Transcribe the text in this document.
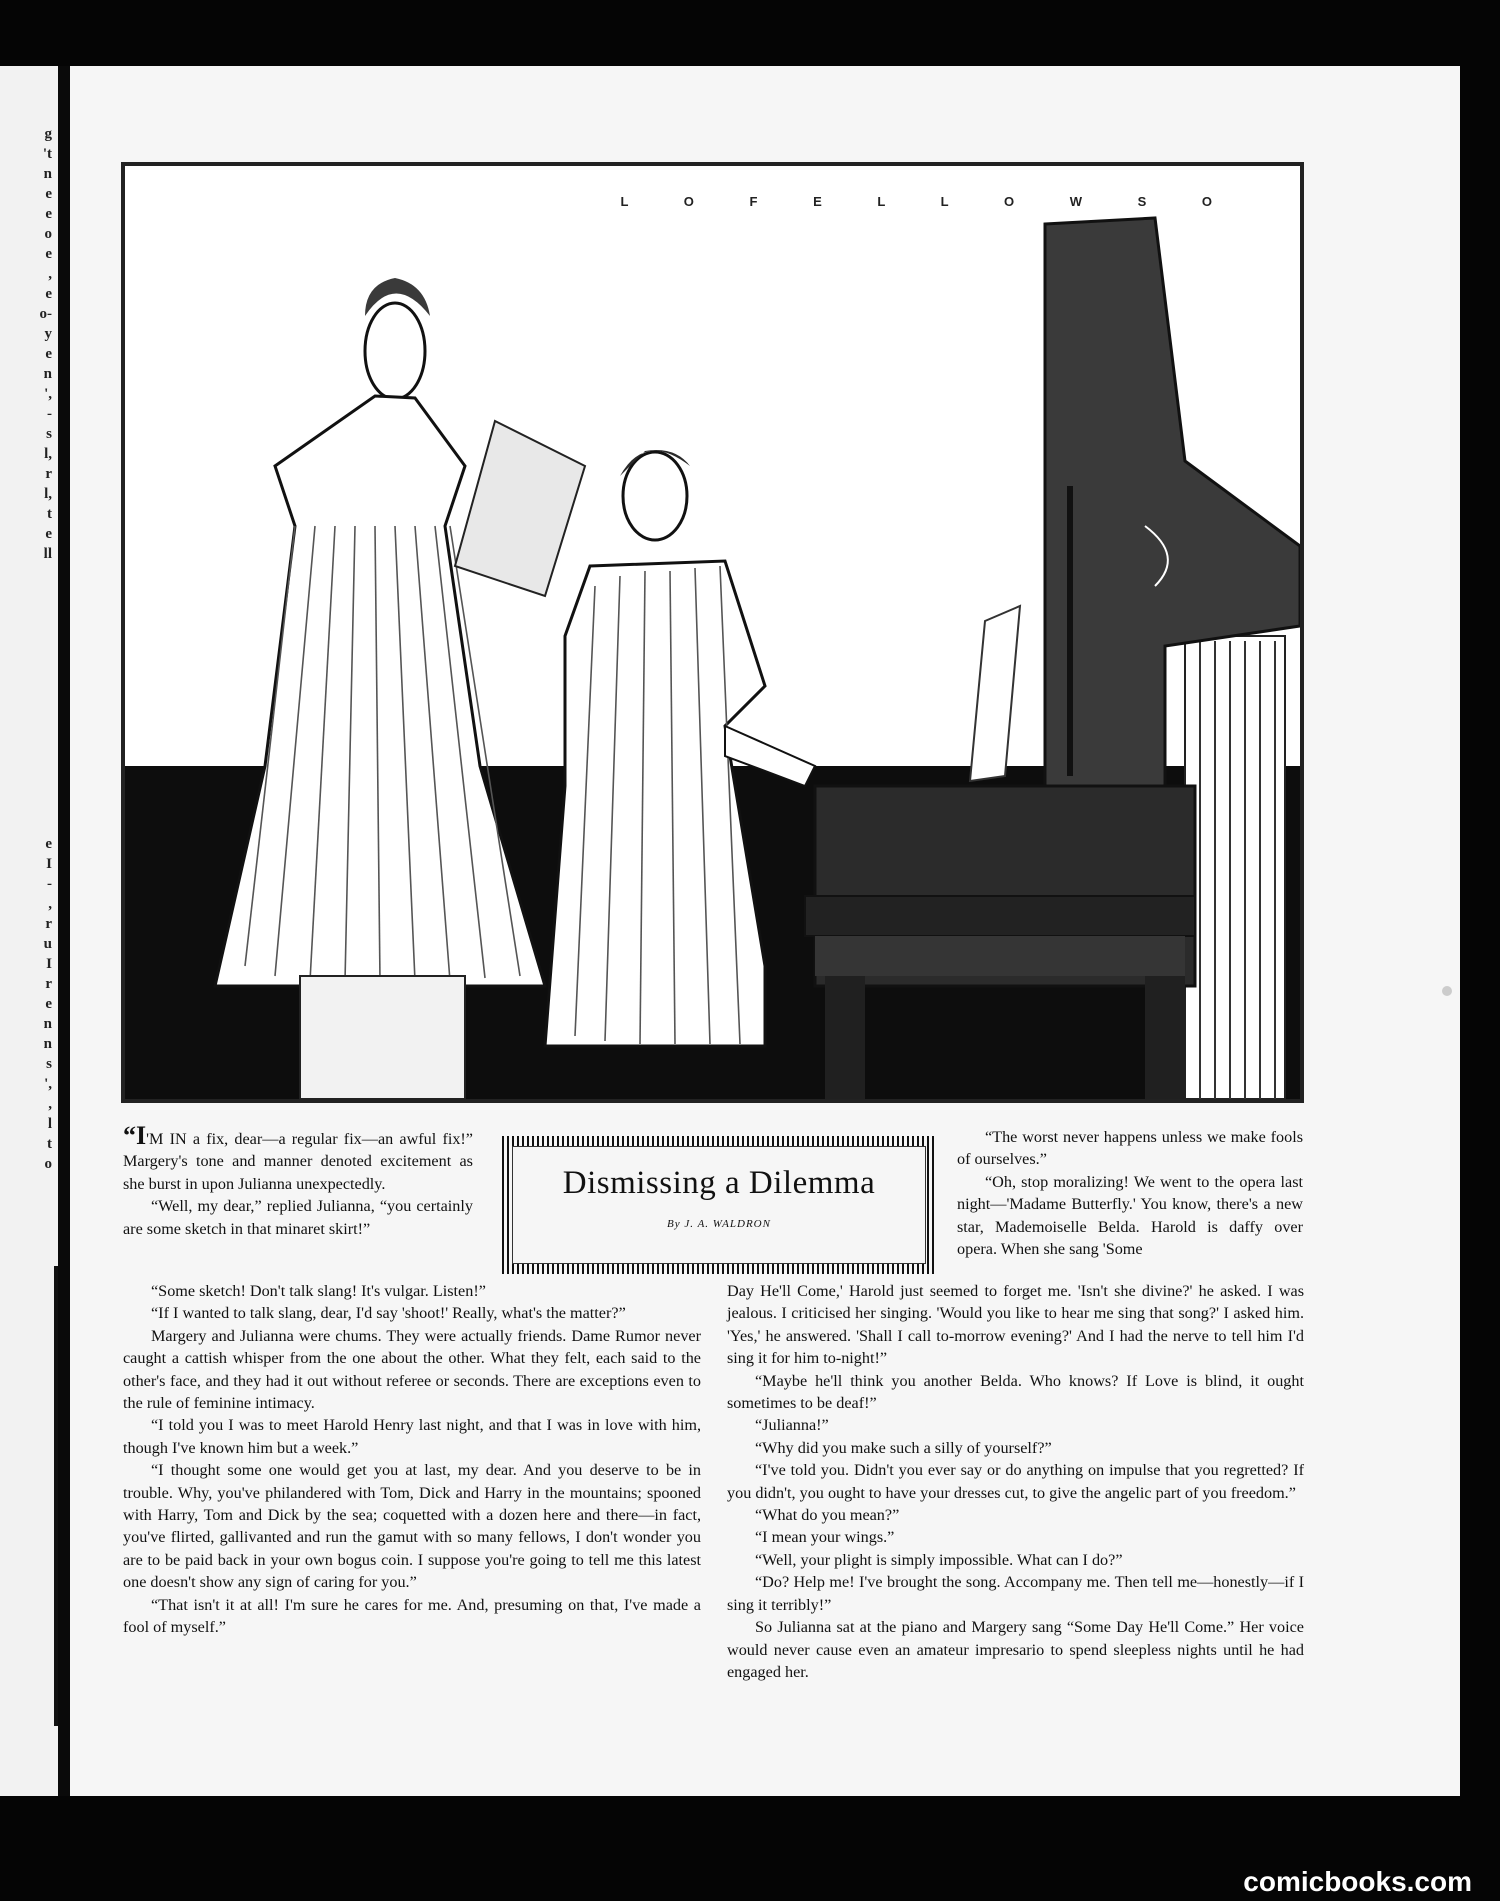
g
't
n
e
e
o
e
,
e
o-
y
e
n
',
-
s
l,
r
l,
t
e
ll
e
I
-
,
r
u
I
r
e
n
n
s
',
,
l
t
o
L O F E L L O W S O

“I'M IN a fix, dear—a regular fix—an awful fix!” Margery's tone and manner denoted excitement as she burst in upon Julianna unexpectedly.

“Well, my dear,” replied Julianna, “you certainly are some sketch in that minaret skirt!”

Dismissing a Dilemma
By J. A. WALDRON

“The worst never happens unless we make fools of ourselves.”

“Oh, stop moralizing! We went to the opera last night—'Madame Butterfly.' You know, there's a new star, Mademoiselle Belda. Harold is daffy over opera. When she sang 'Some

“Some sketch! Don't talk slang! It's vulgar. Listen!”

“If I wanted to talk slang, dear, I'd say 'shoot!' Really, what's the matter?”

Margery and Julianna were chums. They were actually friends. Dame Rumor never caught a cattish whisper from the one about the other. What they felt, each said to the other's face, and they had it out without referee or seconds. There are exceptions even to the rule of feminine intimacy.

“I told you I was to meet Harold Henry last night, and that I was in love with him, though I've known him but a week.”

“I thought some one would get you at last, my dear. And you deserve to be in trouble. Why, you've philandered with Tom, Dick and Harry in the mountains; spooned with Harry, Tom and Dick by the sea; coquetted with a dozen here and there—in fact, you've flirted, gallivanted and run the gamut with so many fellows, I don't wonder you are to be paid back in your own bogus coin. I suppose you're going to tell me this latest one doesn't show any sign of caring for you.”

“That isn't it at all! I'm sure he cares for me. And, presuming on that, I've made a fool of myself.”

Day He'll Come,' Harold just seemed to forget me. 'Isn't she divine?' he asked. I was jealous. I criticised her singing. 'Would you like to hear me sing that song?' I asked him. 'Yes,' he answered. 'Shall I call to-morrow evening?' And I had the nerve to tell him I'd sing it for him to-night!”

“Maybe he'll think you another Belda. Who knows? If Love is blind, it ought sometimes to be deaf!”

“Julianna!”

“Why did you make such a silly of yourself?”

“I've told you. Didn't you ever say or do anything on impulse that you regretted? If you didn't, you ought to have your dresses cut, to give the angelic part of you freedom.”

“What do you mean?”

“I mean your wings.”

“Well, your plight is simply impossible. What can I do?”

“Do? Help me! I've brought the song. Accompany me. Then tell me—honestly—if I sing it terribly!”

So Julianna sat at the piano and Margery sang “Some Day He'll Come.” Her voice would never cause even an amateur impresario to spend sleepless nights until he had engaged her.

comicbooks.com
